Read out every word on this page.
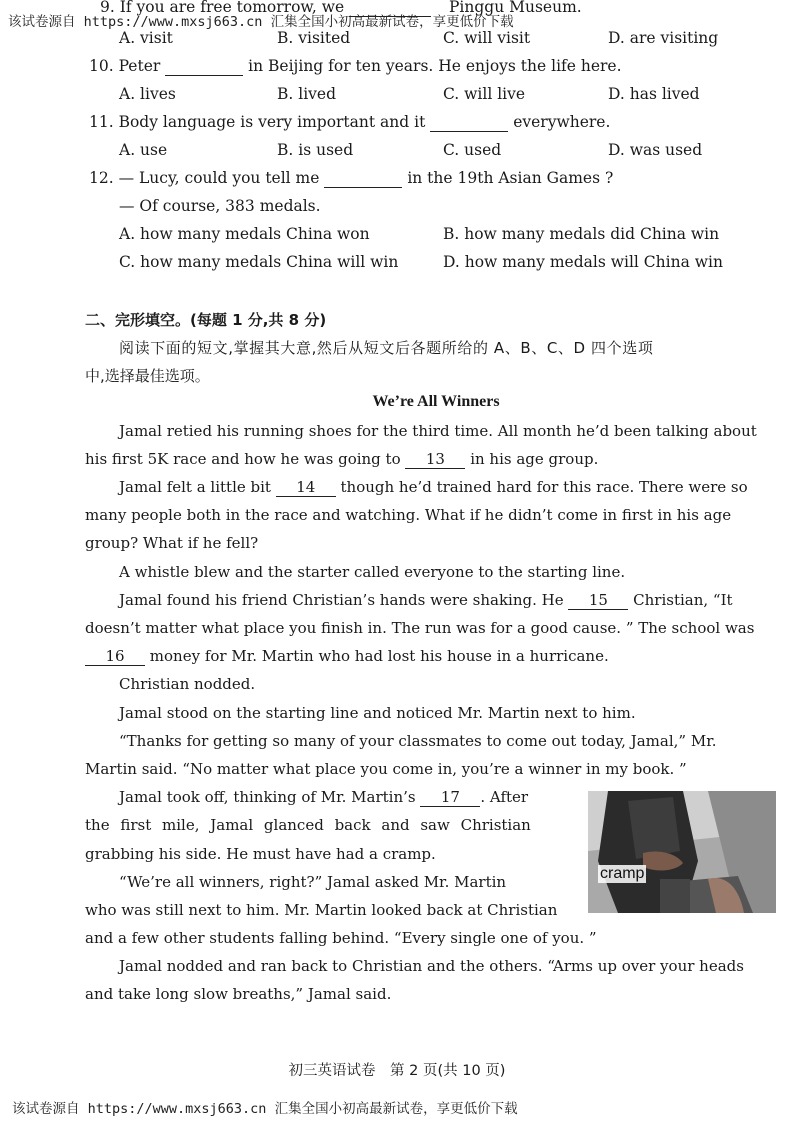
该试卷源自 https://www.mxsj663.cn 汇集全国小初高最新试卷，享更低价下载
9. If you are free tomorrow, we	Pinggu Museum.
A. visit	B. visited	C. will visit	D. are visiting
10. Peter	in Beijing for ten years. He enjoys the life here.
A. lives	B. lived	C. will live	D. has lived
11. Body language is very important and it	everywhere.
A. use	B. is used	C. used	D. was used
12. — Lucy, could you tell me	in the 19th Asian Games ?
— Of course, 383 medals.
A. how many medals China won	B. how many medals did China win
C. how many medals China will win	D. how many medals will China win
二、完形填空。(每题 1 分,共 8 分)
阅读下面的短文,掌握其大意,然后从短文后各题所给的 A、B、C、D 四个选项
中,选择最佳选项。
We’re All Winners
Jamal retied his running shoes for the third time. All month he’d been talking about
his first 5K race and how he was going to 13 in his age group.
Jamal felt a little bit 14 though he’d trained hard for this race. There were so
many people both in the race and watching. What if he didn’t come in first in his age
group? What if he fell?
A whistle blew and the starter called everyone to the starting line.
Jamal found his friend Christian’s hands were shaking. He 15 Christian, “It
doesn’t matter what place you finish in. The run was for a good cause. ” The school was
16 money for Mr. Martin who had lost his house in a hurricane.
Christian nodded.
Jamal stood on the starting line and noticed Mr. Martin next to him.
“Thanks for getting so many of your classmates to come out today, Jamal,” Mr.
Martin said. “No matter what place you come in, you’re a winner in my book. ”
Jamal took off, thinking of Mr. Martin’s 17 . After
the first mile, Jamal glanced back and saw Christian
grabbing his side. He must have had a cramp.
“We’re all winners, right?” Jamal asked Mr. Martin
who was still next to him. Mr. Martin looked back at Christian
and a few other students falling behind. “Every single one of you. ”
Jamal nodded and ran back to Christian and the others. “Arms up over your heads
and take long slow breaths,” Jamal said.
cramp
初三英语试卷　第 2 页(共 10 页)
该试卷源自 https://www.mxsj663.cn 汇集全国小初高最新试卷，享更低价下载
